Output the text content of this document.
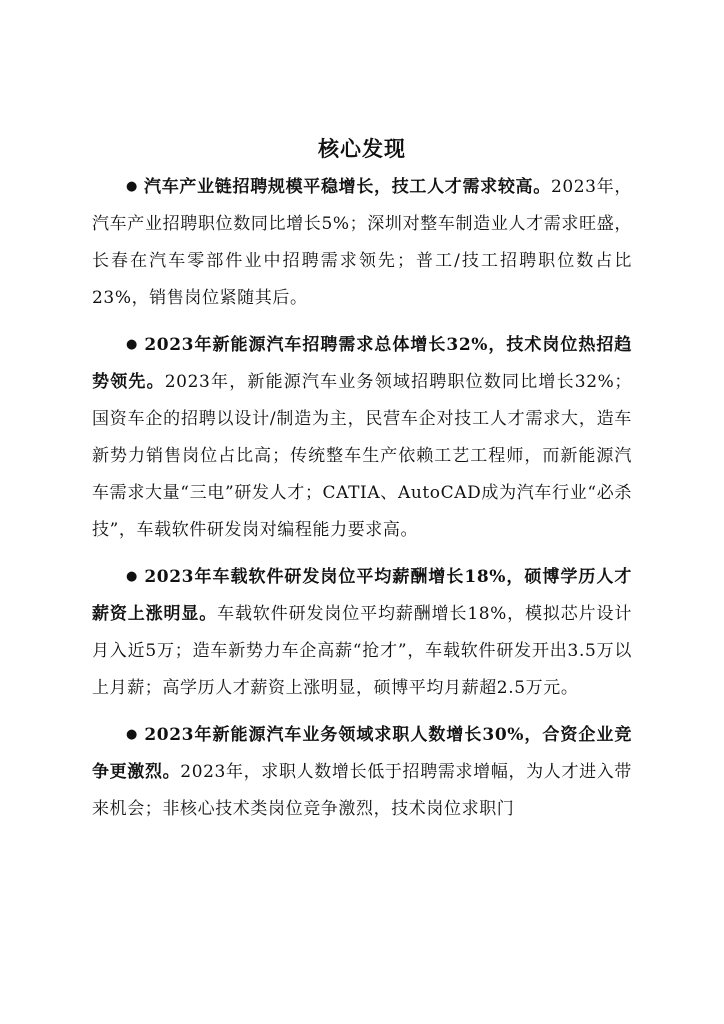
核心发现

● 汽车产业链招聘规模平稳增长，技工人才需求较高。2023年，汽车产业招聘职位数同比增长5%；深圳对整车制造业人才需求旺盛，长春在汽车零部件业中招聘需求领先；普工/技工招聘职位数占比23%，销售岗位紧随其后。

● 2023年新能源汽车招聘需求总体增长32%，技术岗位热招趋势领先。2023年，新能源汽车业务领域招聘职位数同比增长32%；国资车企的招聘以设计/制造为主，民营车企对技工人才需求大，造车新势力销售岗位占比高；传统整车生产依赖工艺工程师，而新能源汽车需求大量“三电”研发人才；CATIA、AutoCAD成为汽车行业“必杀技”，车载软件研发岗对编程能力要求高。

● 2023年车载软件研发岗位平均薪酬增长18%，硕博学历人才薪资上涨明显。车载软件研发岗位平均薪酬增长18%，模拟芯片设计月入近5万；造车新势力车企高薪“抢才”，车载软件研发开出3.5万以上月薪；高学历人才薪资上涨明显，硕博平均月薪超2.5万元。

● 2023年新能源汽车业务领域求职人数增长30%，合资企业竞争更激烈。2023年，求职人数增长低于招聘需求增幅，为人才进入带来机会；非核心技术类岗位竞争激烈，技术岗位求职门
